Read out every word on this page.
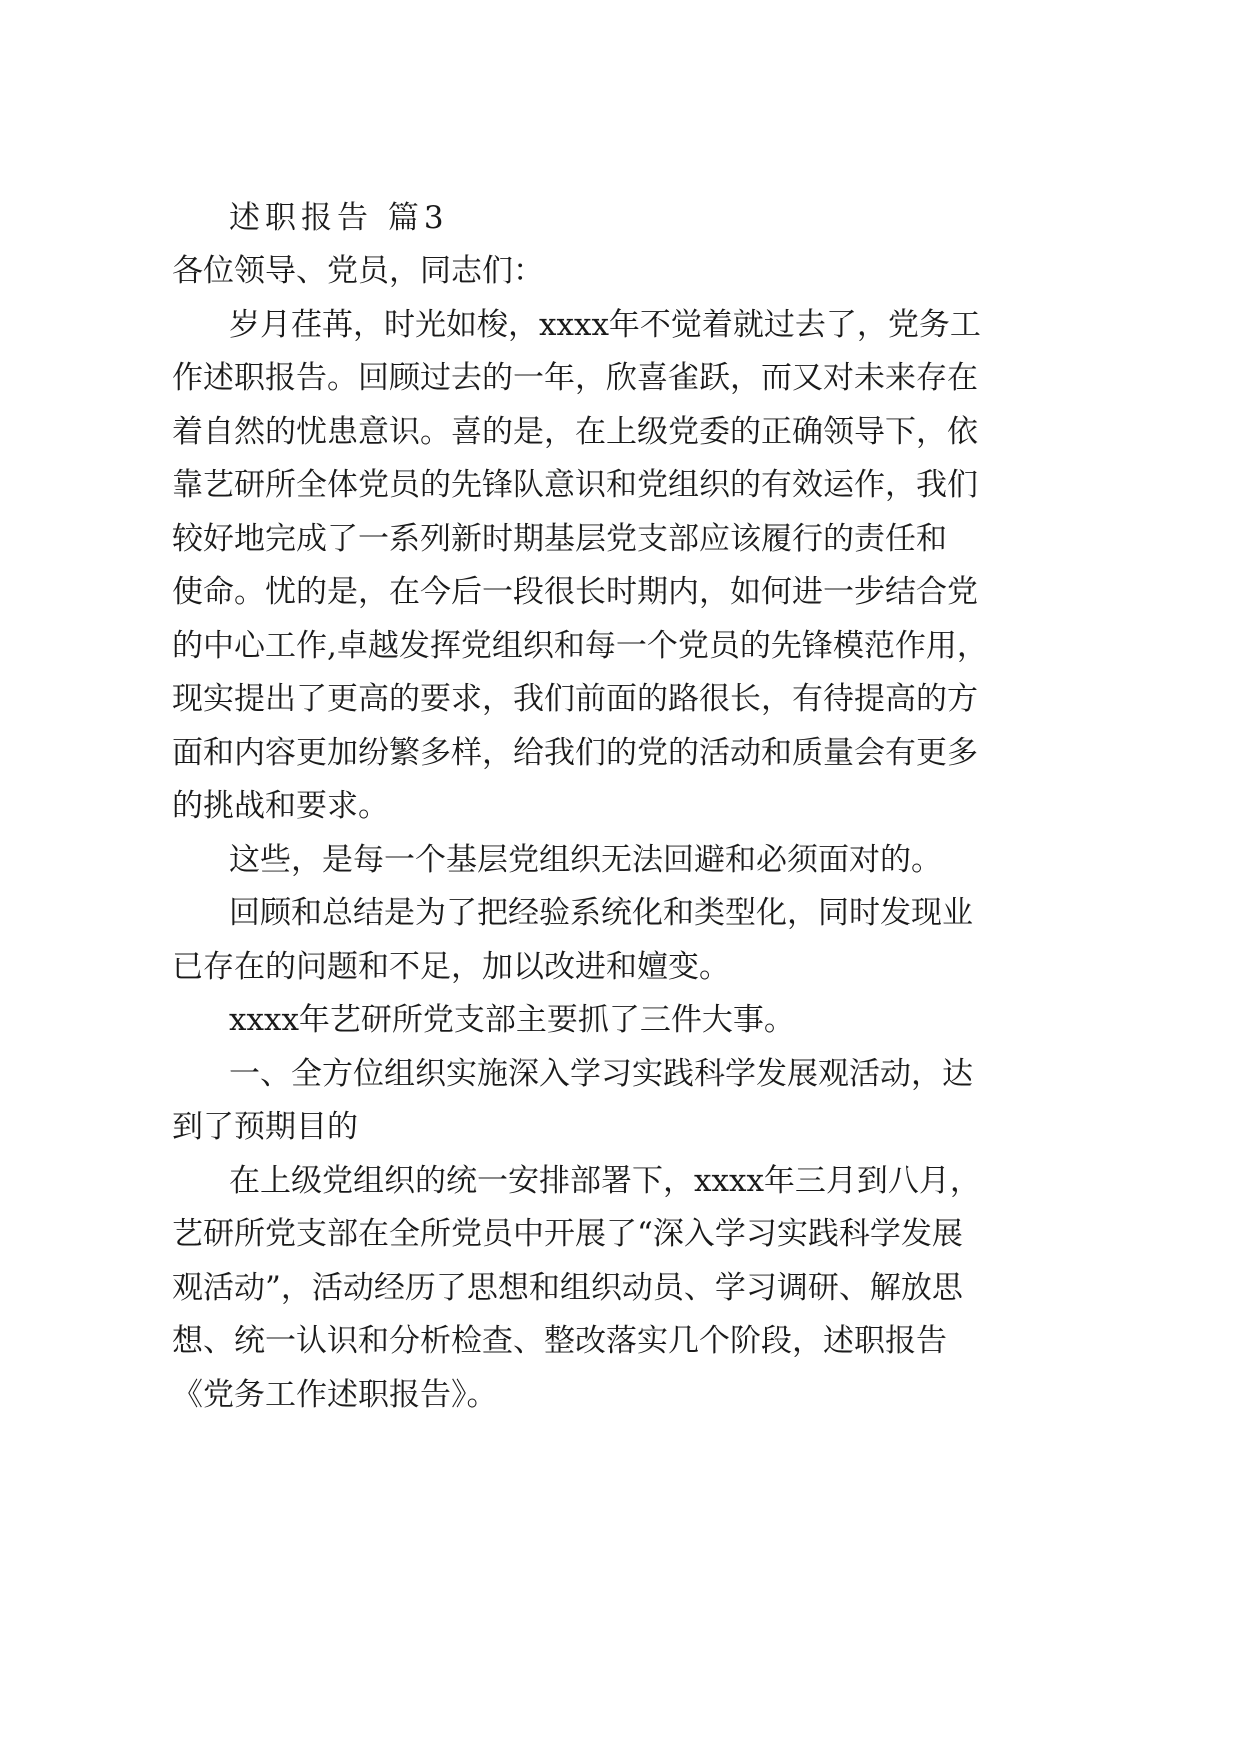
述职报告 篇3
各位领导、党员，同志们：
岁月荏苒，时光如梭，xxxx年不觉着就过去了，党务工
作述职报告。回顾过去的一年，欣喜雀跃，而又对未来存在
着自然的忧患意识。喜的是，在上级党委的正确领导下，依
靠艺研所全体党员的先锋队意识和党组织的有效运作，我们
较好地完成了一系列新时期基层党支部应该履行的责任和
使命。忧的是，在今后一段很长时期内，如何进一步结合党
的中心工作,卓越发挥党组织和每一个党员的先锋模范作用，
现实提出了更高的要求，我们前面的路很长，有待提高的方
面和内容更加纷繁多样，给我们的党的活动和质量会有更多
的挑战和要求。
这些，是每一个基层党组织无法回避和必须面对的。
回顾和总结是为了把经验系统化和类型化，同时发现业
已存在的问题和不足，加以改进和嬗变。
xxxx年艺研所党支部主要抓了三件大事。
一、全方位组织实施深入学习实践科学发展观活动，达
到了预期目的
在上级党组织的统一安排部署下，xxxx年三月到八月，
艺研所党支部在全所党员中开展了“深入学习实践科学发展
观活动”，活动经历了思想和组织动员、学习调研、解放思
想、统一认识和分析检查、整改落实几个阶段，述职报告
《党务工作述职报告》。
